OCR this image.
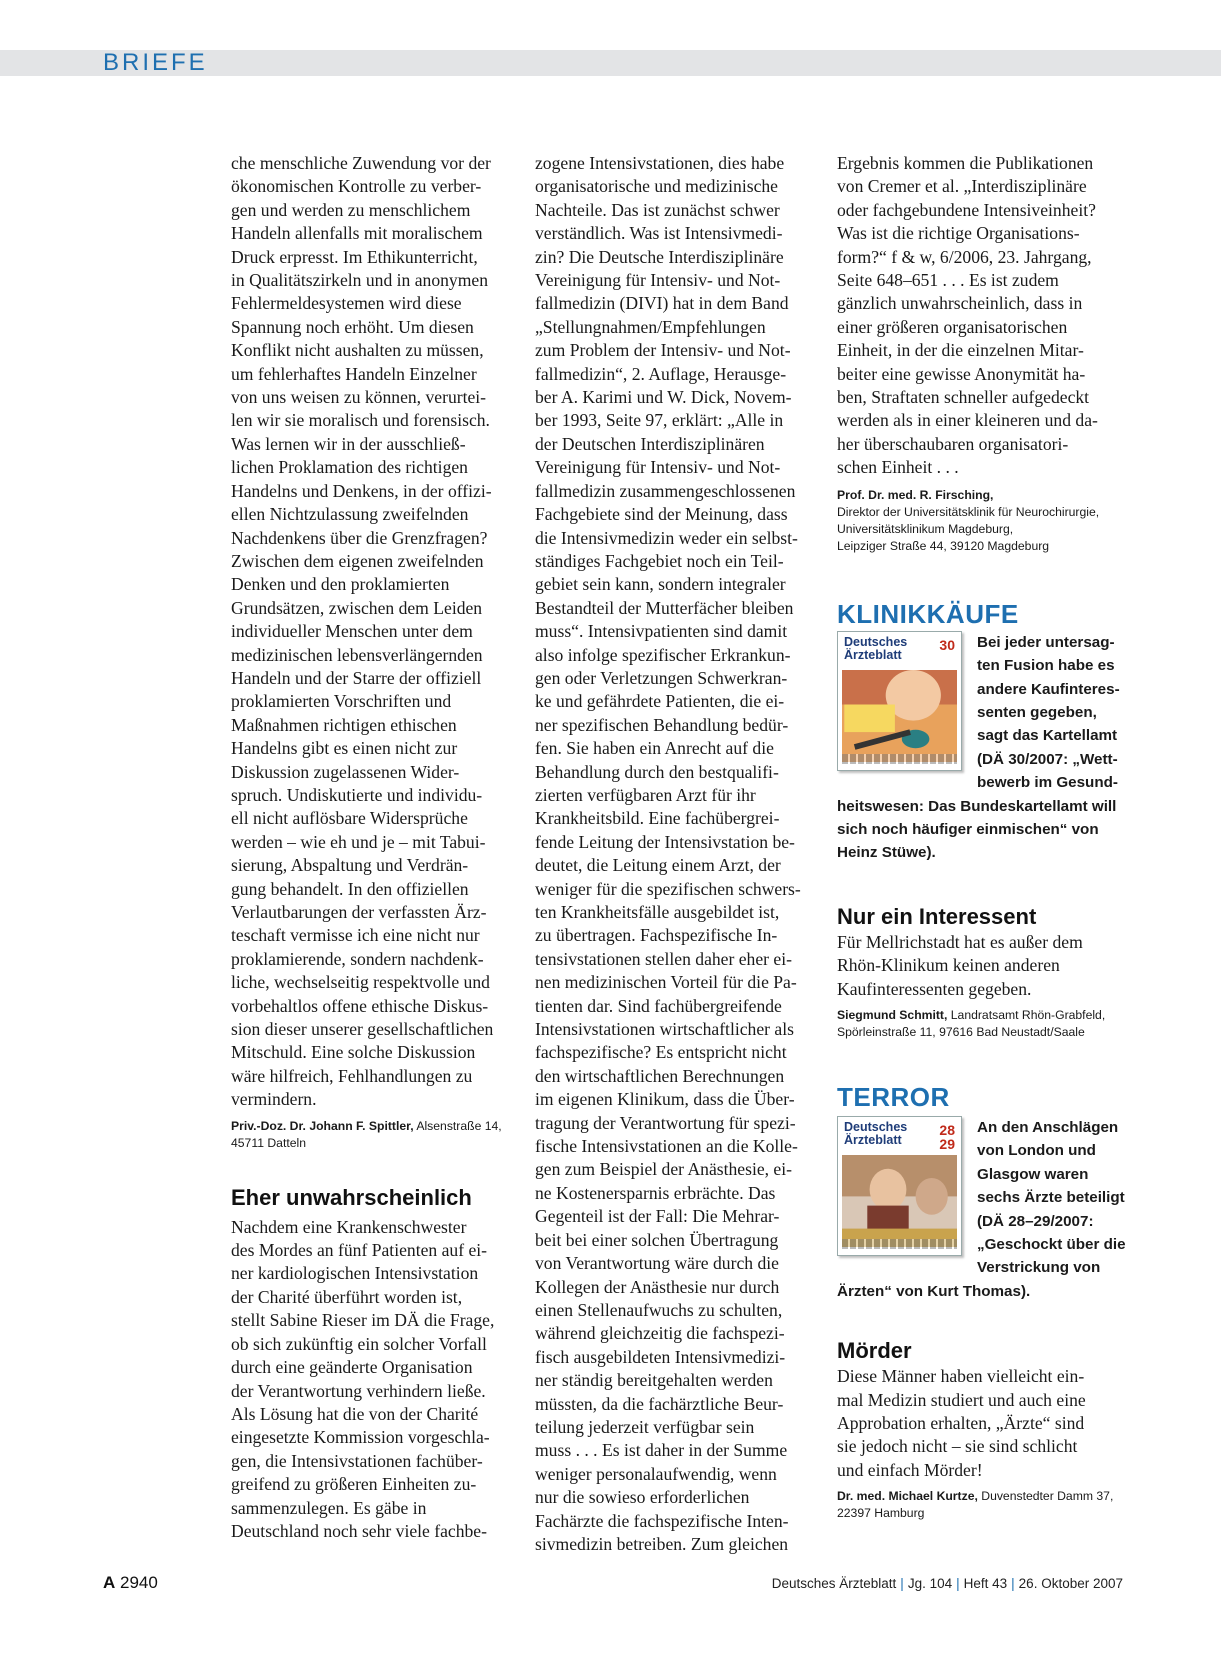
BRIEFE

che menschliche Zuwendung vor der

ökonomischen Kontrolle zu verber-

gen und werden zu menschlichem

Handeln allenfalls mit moralischem

Druck erpresst. Im Ethikunterricht,

in Qualitätszirkeln und in anonymen

Fehlermeldesystemen wird diese

Spannung noch erhöht. Um diesen

Konflikt nicht aushalten zu müssen,

um fehlerhaftes Handeln Einzelner

von uns weisen zu können, verurtei-

len wir sie moralisch und forensisch.

Was lernen wir in der ausschließ-

lichen Proklamation des richtigen

Handelns und Denkens, in der offizi-

ellen Nichtzulassung zweifelnden

Nachdenkens über die Grenzfragen?

Zwischen dem eigenen zweifelnden

Denken und den proklamierten

Grundsätzen, zwischen dem Leiden

individueller Menschen unter dem

medizinischen lebensverlängernden

Handeln und der Starre der offiziell

proklamierten Vorschriften und

Maßnahmen richtigen ethischen

Handelns gibt es einen nicht zur

Diskussion zugelassenen Wider-

spruch. Undiskutierte und individu-

ell nicht auflösbare Widersprüche

werden – wie eh und je – mit Tabui-

sierung, Abspaltung und Verdrän-

gung behandelt. In den offiziellen

Verlautbarungen der verfassten Ärz-

teschaft vermisse ich eine nicht nur

proklamierende, sondern nachdenk-

liche, wechselseitig respektvolle und

vorbehaltlos offene ethische Diskus-

sion dieser unserer gesellschaftlichen

Mitschuld. Eine solche Diskussion

wäre hilfreich, Fehlhandlungen zu

vermindern.

Priv.-Doz. Dr. Johann F. Spittler, Alsenstraße 14,

45711 Datteln

Eher unwahrscheinlich

Nachdem eine Krankenschwester

des Mordes an fünf Patienten auf ei-

ner kardiologischen Intensivstation

der Charité überführt worden ist,

stellt Sabine Rieser im DÄ die Frage,

ob sich zukünftig ein solcher Vorfall

durch eine geänderte Organisation

der Verantwortung verhindern ließe.

Als Lösung hat die von der Charité

eingesetzte Kommission vorgeschla-

gen, die Intensivstationen fachüber-

greifend zu größeren Einheiten zu-

sammenzulegen. Es gäbe in

Deutschland noch sehr viele fachbe-

zogene Intensivstationen, dies habe

organisatorische und medizinische

Nachteile. Das ist zunächst schwer

verständlich. Was ist Intensivmedi-

zin? Die Deutsche Interdisziplinäre

Vereinigung für Intensiv- und Not-

fallmedizin (DIVI) hat in dem Band

„Stellungnahmen/Empfehlungen

zum Problem der Intensiv- und Not-

fallmedizin“, 2. Auflage, Herausge-

ber A. Karimi und W. Dick, Novem-

ber 1993, Seite 97, erklärt: „Alle in

der Deutschen Interdisziplinären

Vereinigung für Intensiv- und Not-

fallmedizin zusammengeschlossenen

Fachgebiete sind der Meinung, dass

die Intensivmedizin weder ein selbst-

ständiges Fachgebiet noch ein Teil-

gebiet sein kann, sondern integraler

Bestandteil der Mutterfächer bleiben

muss“. Intensivpatienten sind damit

also infolge spezifischer Erkrankun-

gen oder Verletzungen Schwerkran-

ke und gefährdete Patienten, die ei-

ner spezifischen Behandlung bedür-

fen. Sie haben ein Anrecht auf die

Behandlung durch den bestqualifi-

zierten verfügbaren Arzt für ihr

Krankheitsbild. Eine fachübergrei-

fende Leitung der Intensivstation be-

deutet, die Leitung einem Arzt, der

weniger für die spezifischen schwers-

ten Krankheitsfälle ausgebildet ist,

zu übertragen. Fachspezifische In-

tensivstationen stellen daher eher ei-

nen medizinischen Vorteil für die Pa-

tienten dar. Sind fachübergreifende

Intensivstationen wirtschaftlicher als

fachspezifische? Es entspricht nicht

den wirtschaftlichen Berechnungen

im eigenen Klinikum, dass die Über-

tragung der Verantwortung für spezi-

fische Intensivstationen an die Kolle-

gen zum Beispiel der Anästhesie, ei-

ne Kostenersparnis erbrächte. Das

Gegenteil ist der Fall: Die Mehrar-

beit bei einer solchen Übertragung

von Verantwortung wäre durch die

Kollegen der Anästhesie nur durch

einen Stellenaufwuchs zu schulten,

während gleichzeitig die fachspezi-

fisch ausgebildeten Intensivmedizi-

ner ständig bereitgehalten werden

müssten, da die fachärztliche Beur-

teilung jederzeit verfügbar sein

muss . . . Es ist daher in der Summe

weniger personalaufwendig, wenn

nur die sowieso erforderlichen

Fachärzte die fachspezifische Inten-

sivmedizin betreiben. Zum gleichen

Ergebnis kommen die Publikationen

von Cremer et al. „Interdisziplinäre

oder fachgebundene Intensiveinheit?

Was ist die richtige Organisations-

form?“ f & w, 6/2006, 23. Jahrgang,

Seite 648–651 . . . Es ist zudem

gänzlich unwahrscheinlich, dass in

einer größeren organisatorischen

Einheit, in der die einzelnen Mitar-

beiter eine gewisse Anonymität ha-

ben, Straftaten schneller aufgedeckt

werden als in einer kleineren und da-

her überschaubaren organisatori-

schen Einheit . . .

Prof. Dr. med. R. Firsching,

Direktor der Universitätsklinik für Neurochirurgie,

Universitätsklinikum Magdeburg,

Leipziger Straße 44, 39120 Magdeburg

KLINIKKÄUFE
Deutsches
Ärzteblatt
30 Bei jeder untersag-

ten Fusion habe es

andere Kaufinteres-

senten gegeben,

sagt das Kartellamt

(DÄ 30/2007: „Wett-

bewerb im Gesund-

heitswesen: Das Bundeskartellamt will

sich noch häufiger einmischen“ von

Heinz Stüwe).

Nur ein Interessent

Für Mellrichstadt hat es außer dem

Rhön-Klinikum keinen anderen

Kaufinteressenten gegeben.

Siegmund Schmitt, Landratsamt Rhön-Grabfeld,

Spörleinstraße 11, 97616 Bad Neustadt/Saale

TERROR
Deutsches
Ärzteblatt
28
29

An den Anschlägen

von London und

Glasgow waren

sechs Ärzte beteiligt

(DÄ 28–29/2007:

„Geschockt über die

Verstrickung von

Ärzten“ von Kurt Thomas).

Mörder

Diese Männer haben vielleicht ein-

mal Medizin studiert und auch eine

Approbation erhalten, „Ärzte“ sind

sie jedoch nicht – sie sind schlicht

und einfach Mörder!

Dr. med. Michael Kurtze, Duvenstedter Damm 37,

22397 Hamburg

A 2940	Deutsches Ärzteblatt | Jg. 104 | Heft 43 | 26. Oktober 2007
